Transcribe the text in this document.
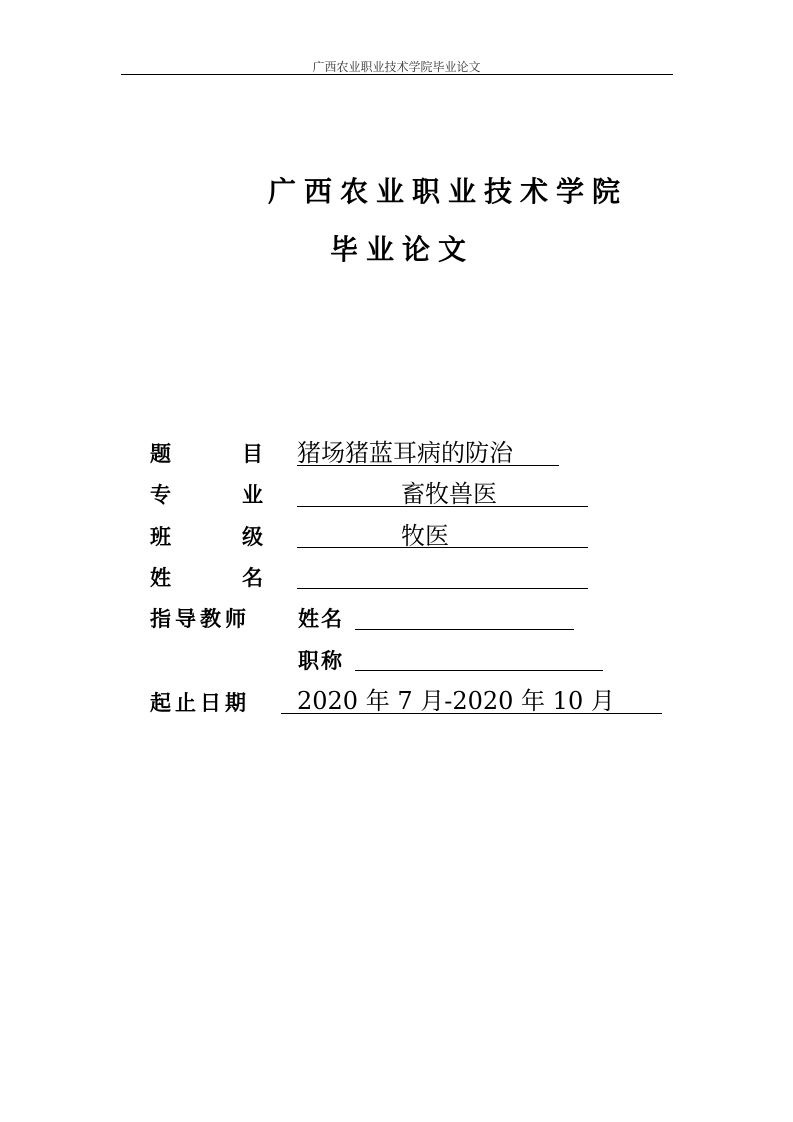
广西农业职业技术学院毕业论文
广西农业职业技术学院
毕业论文
题	目 猪场猪蓝耳病的防治
专	业	畜牧兽医
班	级	牧医
姓	名
指导教师 姓名
职称
起止日期 2020 年 7 月-2020 年 10 月
